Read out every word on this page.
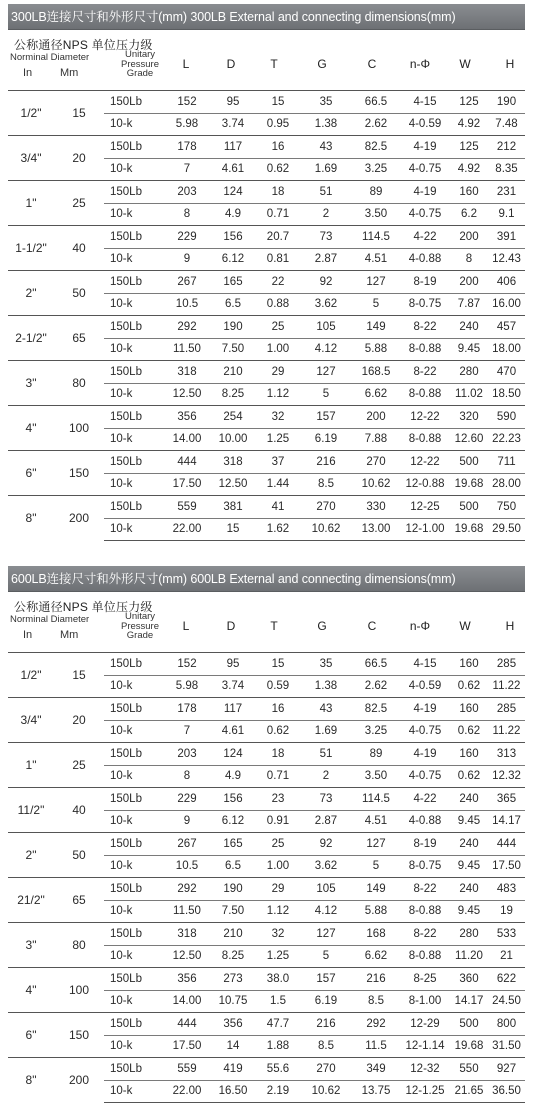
300LB连接尺寸和外形尺寸(mm) 300LB External and connecting dimensions(mm)
公称通径NPS 单位压力级
Norminal Diameter
In	Mm
Unitary
Pressure
Grade
L	D	T	G	C	n-Φ	W	H
1/2"	15	150Lb	152	95	15	35	66.5	4-15	125	190
		10-k	5.98	3.74	0.95	1.38	2.62	4-0.59	4.92	7.48
3/4"	20	150Lb	178	117	16	43	82.5	4-19	125	212
		10-k	7	4.61	0.62	1.69	3.25	4-0.75	4.92	8.35
1"	25	150Lb	203	124	18	51	89	4-19	160	231
		10-k	8	4.9	0.71	2	3.50	4-0.75	6.2	9.1
1-1/2"	40	150Lb	229	156	20.7	73	114.5	4-22	200	391
		10-k	9	6.12	0.81	2.87	4.51	4-0.88	8	12.43
2"	50	150Lb	267	165	22	92	127	8-19	200	406
		10-k	10.5	6.5	0.88	3.62	5	8-0.75	7.87	16.00
2-1/2"	65	150Lb	292	190	25	105	149	8-22	240	457
		10-k	11.50	7.50	1.00	4.12	5.88	8-0.88	9.45	18.00
3"	80	150Lb	318	210	29	127	168.5	8-22	280	470
		10-k	12.50	8.25	1.12	5	6.62	8-0.88	11.02	18.50
4"	100	150Lb	356	254	32	157	200	12-22	320	590
		10-k	14.00	10.00	1.25	6.19	7.88	8-0.88	12.60	22.23
6"	150	150Lb	444	318	37	216	270	12-22	500	711
		10-k	17.50	12.50	1.44	8.5	10.62	12-0.88	19.68	28.00
8"	200	150Lb	559	381	41	270	330	12-25	500	750
		10-k	22.00	15	1.62	10.62	13.00	12-1.00	19.68	29.50
600LB连接尺寸和外形尺寸(mm) 600LB External and connecting dimensions(mm)
公称通径NPS 单位压力级
Norminal Diameter
In	Mm
Unitary
Pressure
Grade
L	D	T	G	C	n-Φ	W	H
1/2"	15	150Lb	152	95	15	35	66.5	4-15	160	285
		10-k	5.98	3.74	0.59	1.38	2.62	4-0.59	0.62	11.22
3/4"	20	150Lb	178	117	16	43	82.5	4-19	160	285
		10-k	7	4.61	0.62	1.69	3.25	4-0.75	0.62	11.22
1"	25	150Lb	203	124	18	51	89	4-19	160	313
		10-k	8	4.9	0.71	2	3.50	4-0.75	0.62	12.32
11/2"	40	150Lb	229	156	23	73	114.5	4-22	240	365
		10-k	9	6.12	0.91	2.87	4.51	4-0.88	9.45	14.17
2"	50	150Lb	267	165	25	92	127	8-19	240	444
		10-k	10.5	6.5	1.00	3.62	5	8-0.75	9.45	17.50
21/2"	65	150Lb	292	190	29	105	149	8-22	240	483
		10-k	11.50	7.50	1.12	4.12	5.88	8-0.88	9.45	19
3"	80	150Lb	318	210	32	127	168	8-22	280	533
		10-k	12.50	8.25	1.25	5	6.62	8-0.88	11.20	21
4"	100	150Lb	356	273	38.0	157	216	8-25	360	622
		10-k	14.00	10.75	1.5	6.19	8.5	8-1.00	14.17	24.50
6"	150	150Lb	444	356	47.7	216	292	12-29	500	800
		10-k	17.50	14	1.88	8.5	11.5	12-1.14	19.68	31.50
8"	200	150Lb	559	419	55.6	270	349	12-32	550	927
		10-k	22.00	16.50	2.19	10.62	13.75	12-1.25	21.65	36.50
